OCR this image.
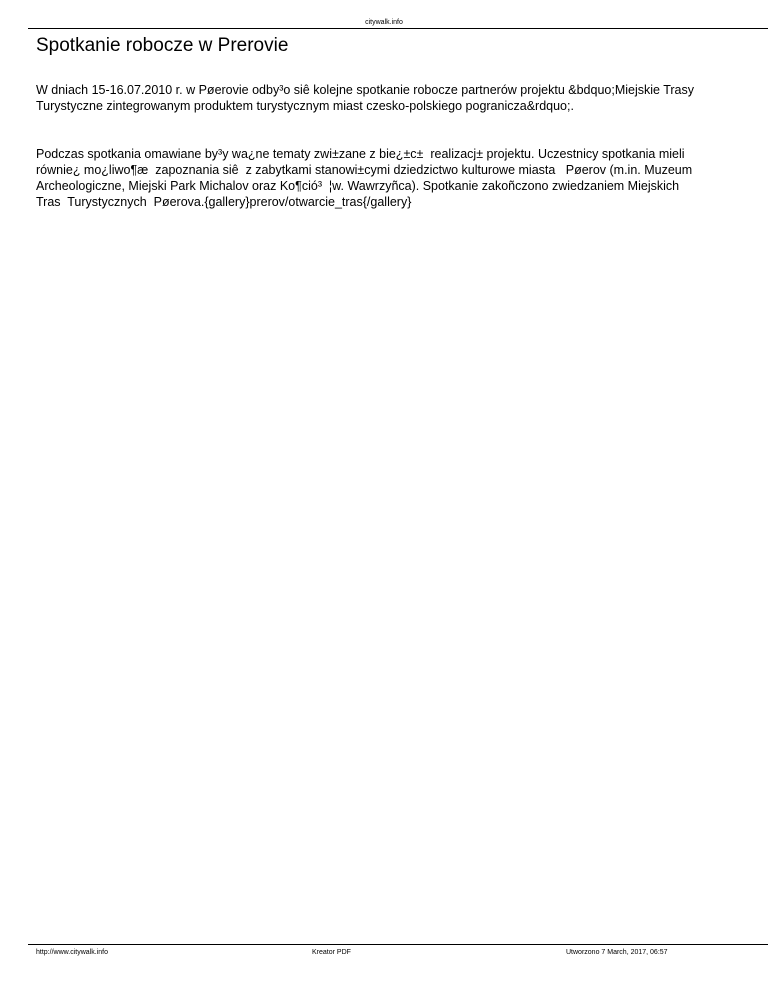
citywalk.info
Spotkanie robocze w Prerovie
W dniach 15-16.07.2010 r. w Pøerovie odby³o siê kolejne spotkanie robocze partnerów projektu &bdquo;Miejskie Trasy
Turystyczne zintegrowanym produktem turystycznym miast czesko-polskiego pogranicza&rdquo;.
Podczas spotkania omawiane by³y wa¿ne tematy zwi±zane z bie¿±c±  realizacj± projektu. Uczestnicy spotkania mieli
równie¿ mo¿liwo¶æ  zapoznania siê  z zabytkami stanowi±cymi dziedzictwo kulturowe miasta   Pøerov (m.in. Muzeum
Archeologiczne, Miejski Park Michalov oraz Ko¶ció³  ¦w. Wawrzyñca). Spotkanie zakoñczono zwiedzaniem Miejskich
Tras  Turystycznych  Pøerova.{gallery}prerov/otwarcie_tras{/gallery}
http://www.citywalk.info	Kreator PDF	Utworzono 7 March, 2017, 06:57
